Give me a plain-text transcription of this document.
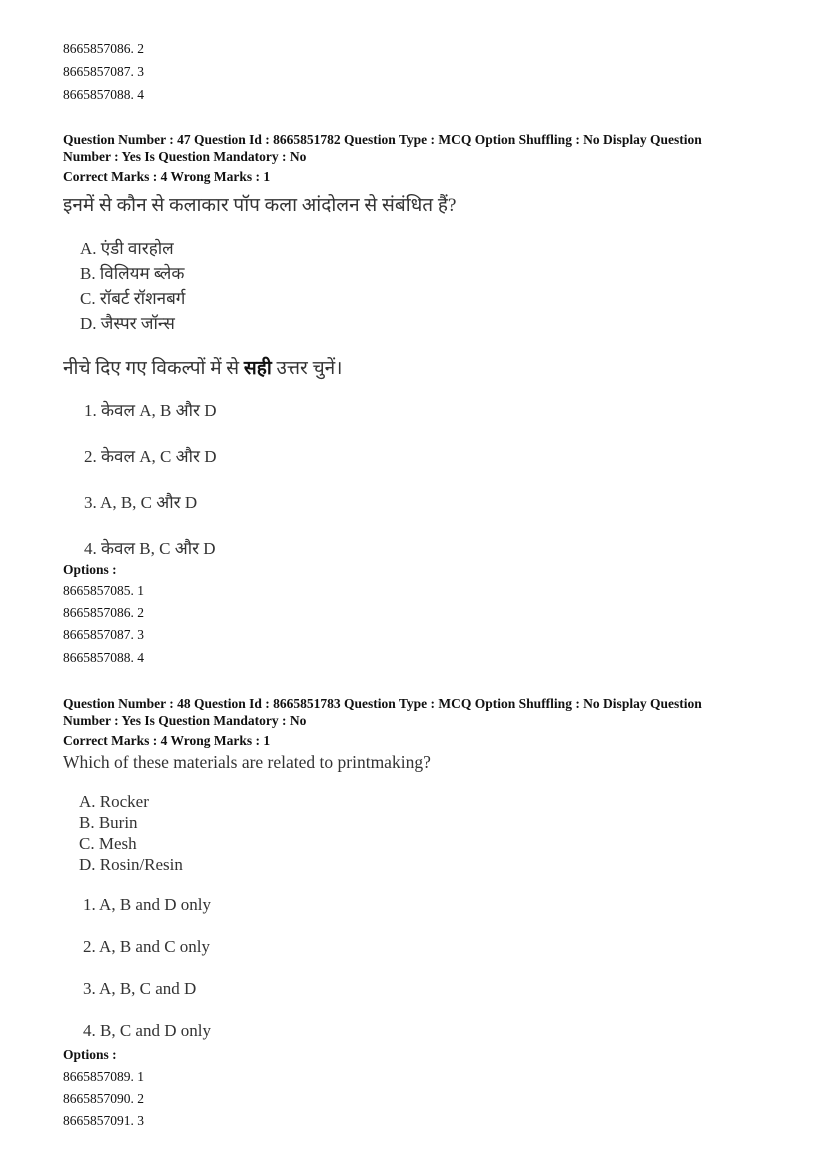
8665857086. 2
8665857087. 3
8665857088. 4
Question Number : 47 Question Id : 8665851782 Question Type : MCQ Option Shuffling : No Display Question
Number : Yes Is Question Mandatory : No
Correct Marks : 4 Wrong Marks : 1
इनमें से कौन से कलाकार पॉप कला आंदोलन से संबंधित हैं?
A. एंडी वारहोल
B. विलियम ब्लेक
C. रॉबर्ट रॉशनबर्ग
D. जैस्पर जॉन्स
नीचे दिए गए विकल्पों में से सही उत्तर चुनें।
1. केवल A, B और D
2. केवल A, C और D
3. A, B, C और D
4. केवल B, C और D
Options :
8665857085. 1
8665857086. 2
8665857087. 3
8665857088. 4
Question Number : 48 Question Id : 8665851783 Question Type : MCQ Option Shuffling : No Display Question
Number : Yes Is Question Mandatory : No
Correct Marks : 4 Wrong Marks : 1
Which of these materials are related to printmaking?
A. Rocker
B. Burin
C. Mesh
D. Rosin/Resin
1. A, B and D only
2. A, B and C only
3. A, B, C and D
4. B, C and D only
Options :
8665857089. 1
8665857090. 2
8665857091. 3
